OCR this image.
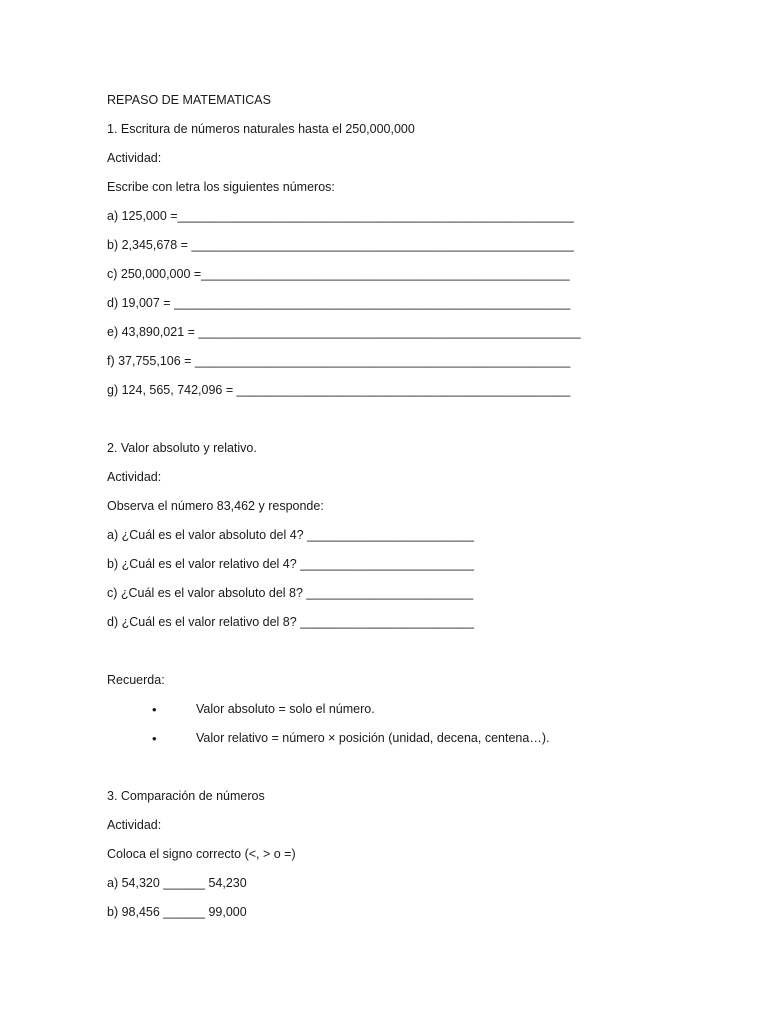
REPASO DE MATEMATICAS
1. Escritura de números naturales hasta el 250,000,000
Actividad:
Escribe con letra los siguientes números:
a) 125,000 =_________________________________________________________
b) 2,345,678 = _______________________________________________________
c) 250,000,000 =_____________________________________________________
d) 19,007 = _________________________________________________________
e) 43,890,021 = _______________________________________________________
f) 37,755,106 = ______________________________________________________
g) 124, 565, 742,096 = ________________________________________________
2. Valor absoluto y relativo.
Actividad:
Observa el número 83,462 y responde:
a) ¿Cuál es el valor absoluto del 4? ________________________
b) ¿Cuál es el valor relativo del 4? _________________________
c) ¿Cuál es el valor absoluto del 8? ________________________
d) ¿Cuál es el valor relativo del 8? _________________________
Recuerda:
•	Valor absoluto = solo el número.
•	Valor relativo = número × posición (unidad, decena, centena…).
3. Comparación de números
Actividad:
Coloca el signo correcto (<, > o =)
a) 54,320 ______ 54,230
b) 98,456 ______ 99,000
